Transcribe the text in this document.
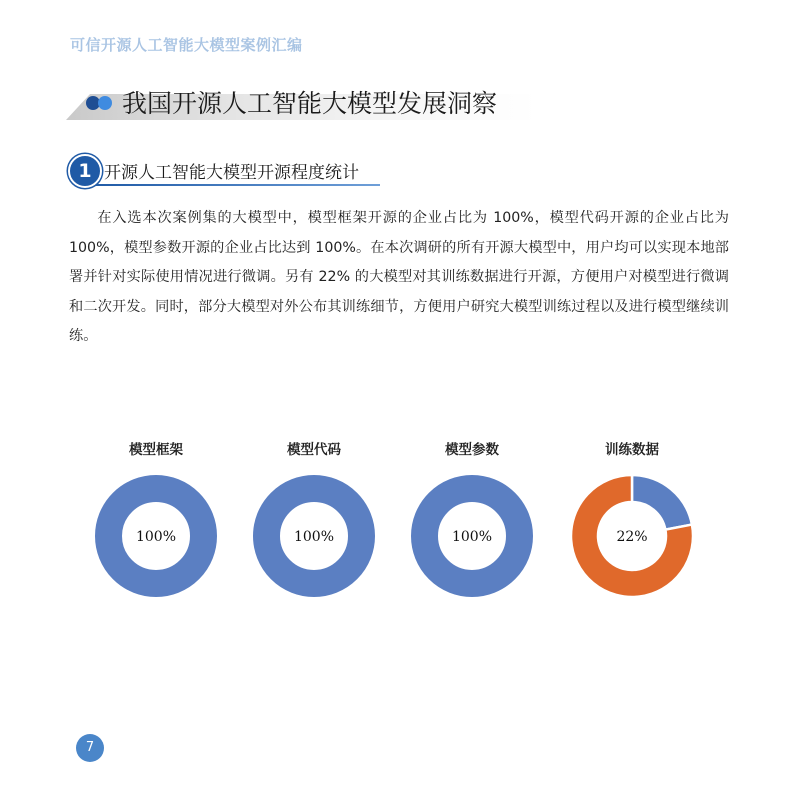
可信开源人工智能大模型案例汇编
我国开源人工智能大模型发展洞察
1 开源人工智能大模型开源程度统计

在入选本次案例集的大模型中，模型框架开源的企业占比为 100%，模型代码开源的企业占比为 100%，模型参数开源的企业占比达到 100%。在本次调研的所有开源大模型中，用户均可以实现本地部署并针对实际使用情况进行微调。另有 22% 的大模型对其训练数据进行开源，方便用户对模型进行微调和二次开发。同时，部分大模型对外公布其训练细节，方便用户研究大模型训练过程以及进行模型继续训练。

模型框架
100%
模型代码
100%
模型参数
100%
训练数据
22%
7
